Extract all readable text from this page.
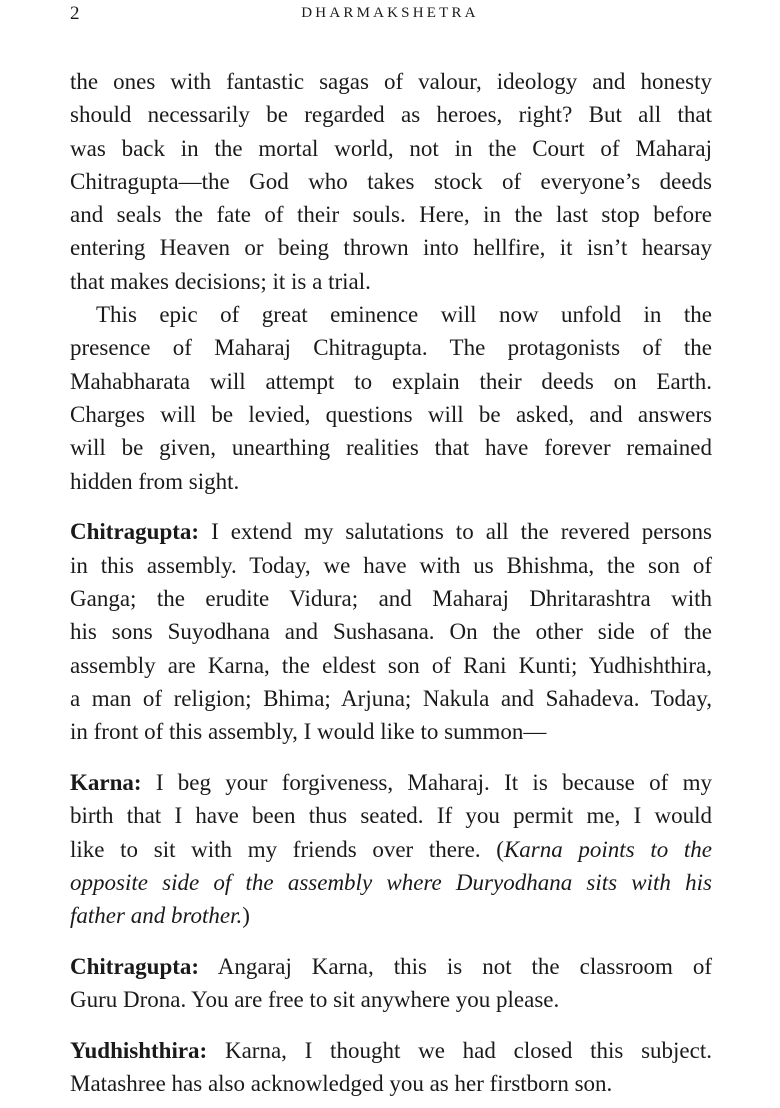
2	DHARMAKSHETRA
the ones with fantastic sagas of valour, ideology and honesty
should necessarily be regarded as heroes, right? But all that
was back in the mortal world, not in the Court of Maharaj
Chitragupta—the God who takes stock of everyone’s deeds
and seals the fate of their souls. Here, in the last stop before
entering Heaven or being thrown into hellfire, it isn’t hearsay
that makes decisions; it is a trial.
This epic of great eminence will now unfold in the
presence of Maharaj Chitragupta. The protagonists of the
Mahabharata will attempt to explain their deeds on Earth.
Charges will be levied, questions will be asked, and answers
will be given, unearthing realities that have forever remained
hidden from sight.
Chitragupta: I extend my salutations to all the revered persons
in this assembly. Today, we have with us Bhishma, the son of
Ganga; the erudite Vidura; and Maharaj Dhritarashtra with
his sons Suyodhana and Sushasana. On the other side of the
assembly are Karna, the eldest son of Rani Kunti; Yudhishthira,
a man of religion; Bhima; Arjuna; Nakula and Sahadeva. Today,
in front of this assembly, I would like to summon—
Karna: I beg your forgiveness, Maharaj. It is because of my
birth that I have been thus seated. If you permit me, I would
like to sit with my friends over there. (Karna points to the
opposite side of the assembly where Duryodhana sits with his
father and brother.)
Chitragupta: Angaraj Karna, this is not the classroom of
Guru Drona. You are free to sit anywhere you please.
Yudhishthira: Karna, I thought we had closed this subject.
Matashree has also acknowledged you as her firstborn son.
